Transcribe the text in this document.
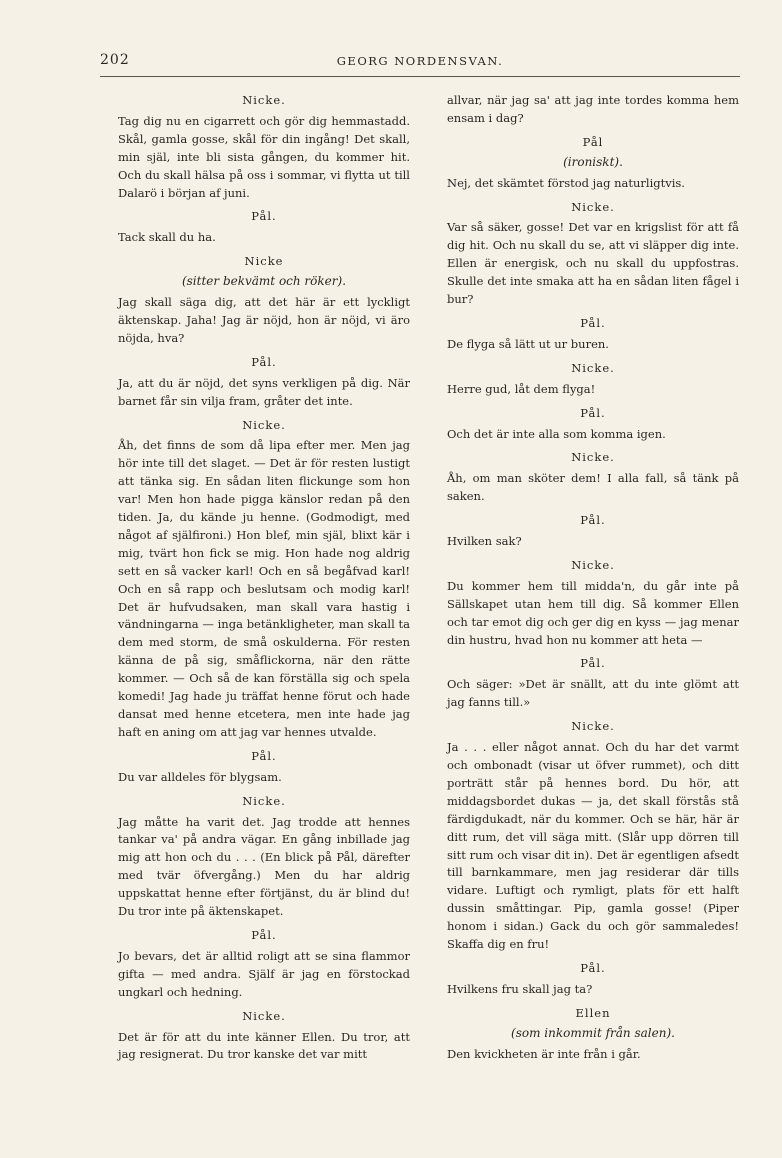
202	GEORG NORDENSVAN.
Nicke.
Tag dig nu en cigarrett och gör dig hemmastadd. Skål, gamla gosse, skål för din ingång! Det skall, min själ, inte bli sista gången, du kommer hit. Och du skall hälsa på oss i sommar, vi flytta ut till Dalarö i början af juni.
Pål.
Tack skall du ha.
Nicke
(sitter bekvämt och röker).
Jag skall säga dig, att det här är ett lyckligt äktenskap. Jaha! Jag är nöjd, hon är nöjd, vi äro nöjda, hva?
Pål.
Ja, att du är nöjd, det syns verkligen på dig. När barnet får sin vilja fram, gråter det inte.
Nicke.
Åh, det finns de som då lipa efter mer. Men jag hör inte till det slaget. — Det är för resten lustigt att tänka sig. En sådan liten flickunge som hon var! Men hon hade pigga känslor redan på den tiden. Ja, du kände ju henne. (Godmodigt, med något af själfironi.) Hon blef, min själ, blixt kär i mig, tvärt hon fick se mig. Hon hade nog aldrig sett en så vacker karl! Och en så begåfvad karl! Och en så rapp och beslutsam och modig karl! Det är hufvudsaken, man skall vara hastig i vändningarna — inga betänkligheter, man skall ta dem med storm, de små oskulderna. För resten känna de på sig, småflickorna, när den rätte kommer. — Och så de kan förställa sig och spela komedi! Jag hade ju träffat henne förut och hade dansat med henne etcetera, men inte hade jag haft en aning om att jag var hennes utvalde.
Pål.
Du var alldeles för blygsam.
Nicke.
Jag måtte ha varit det. Jag trodde att hennes tankar va' på andra vägar. En gång inbillade jag mig att hon och du . . . (En blick på Pål, därefter med tvär öfvergång.) Men du har aldrig uppskattat henne efter förtjänst, du är blind du! Du tror inte på äktenskapet.
Pål.
Jo bevars, det är alltid roligt att se sina flammor gifta — med andra. Själf är jag en förstockad ungkarl och hedning.
Nicke.
Det är för att du inte känner Ellen. Du tror, att jag resignerat. Du tror kanske det var mitt
allvar, när jag sa' att jag inte tordes komma hem ensam i dag?
Pål
(ironiskt).
Nej, det skämtet förstod jag naturligtvis.
Nicke.
Var så säker, gosse! Det var en krigslist för att få dig hit. Och nu skall du se, att vi släpper dig inte. Ellen är energisk, och nu skall du uppfostras. Skulle det inte smaka att ha en sådan liten fågel i bur?
Pål.
De flyga så lätt ut ur buren.
Nicke.
Herre gud, låt dem flyga!
Pål.
Och det är inte alla som komma igen.
Nicke.
Åh, om man sköter dem! I alla fall, så tänk på saken.
Pål.
Hvilken sak?
Nicke.
Du kommer hem till midda'n, du går inte på Sällskapet utan hem till dig. Så kommer Ellen och tar emot dig och ger dig en kyss — jag menar din hustru, hvad hon nu kommer att heta —
Pål.
Och säger: »Det är snällt, att du inte glömt att jag fanns till.»
Nicke.
Ja . . . eller något annat. Och du har det varmt och ombonadt (visar ut öfver rummet), och ditt porträtt står på hennes bord. Du hör, att middagsbordet dukas — ja, det skall förstås stå färdigdukadt, när du kommer. Och se här, här är ditt rum, det vill säga mitt. (Slår upp dörren till sitt rum och visar dit in). Det är egentligen afsedt till barnkammare, men jag residerar där tills vidare. Luftigt och rymligt, plats för ett halft dussin småttingar. Pip, gamla gosse! (Piper honom i sidan.) Gack du och gör sammaledes! Skaffa dig en fru!
Pål.
Hvilkens fru skall jag ta?
Ellen
(som inkommit från salen).
Den kvickheten är inte från i går.
